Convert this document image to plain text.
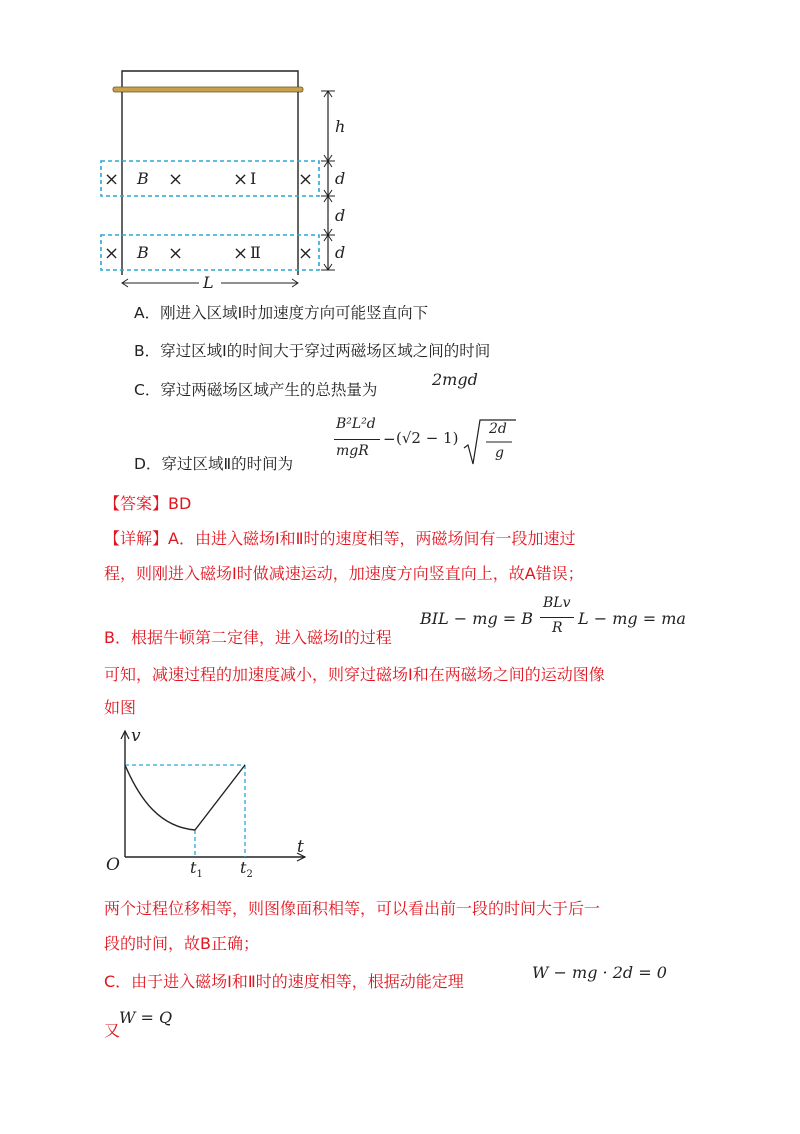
× B ×	× Ⅰ ×
× B ×	× Ⅱ ×
h
d
d
d
L
A．刚进入区域Ⅰ时加速度方向可能竖直向下
B．穿过区域Ⅰ的时间大于穿过两磁场区域之间的时间
C．穿过两磁场区域产生的总热量为
2mgd
D．穿过区域Ⅱ的时间为
B²L²d
mgR
− (√2 − 1) 2d
g
【答案】BD
【详解】A．由进入磁场Ⅰ和Ⅱ时的速度相等，两磁场间有一段加速过
程，则刚进入磁场Ⅰ时做减速运动，加速度方向竖直向上，故A错误；
B．根据牛顿第二定律，进入磁场Ⅰ的过程
BIL − mg = B
BLv
R L − mg = ma
可知，减速过程的加速度减小，则穿过磁场Ⅰ和在两磁场之间的运动图像
如图
v
t
O	$t_1$ $t_2$
两个过程位移相等，则图像面积相等，可以看出前一段的时间大于后一
段的时间，故B正确；
C．由于进入磁场Ⅰ和Ⅱ时的速度相等，根据动能定理	W − mg · 2d = 0
又
W = Q
